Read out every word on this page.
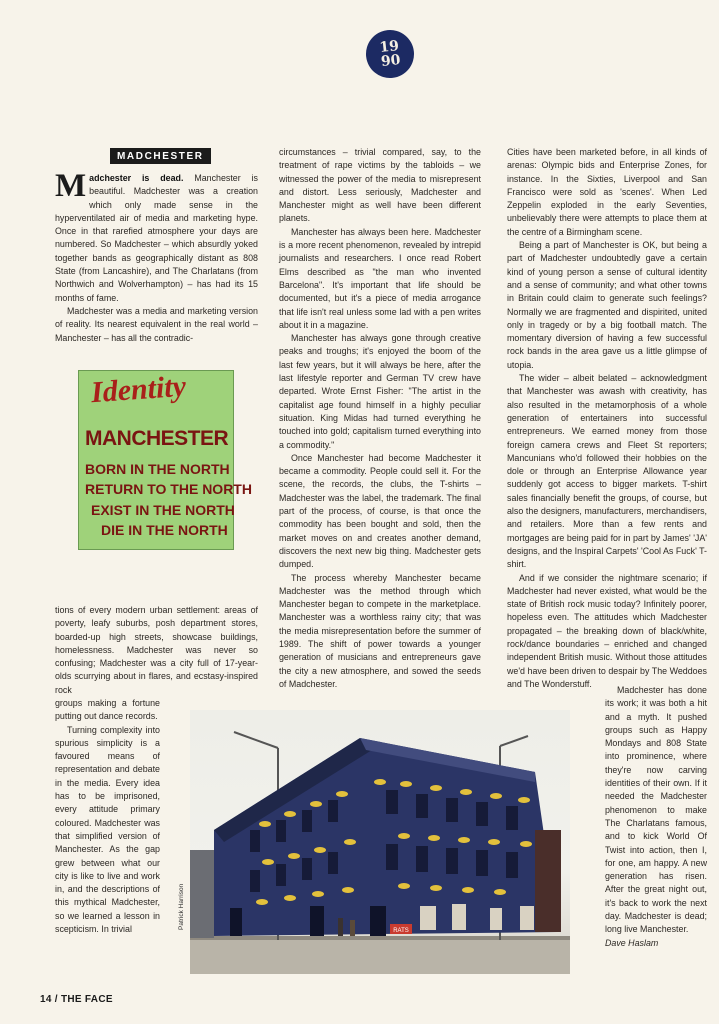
19
90
MADCHESTER

Madchester is dead. Manchester is beautiful. Madchester was a creation which only made sense in the hyperventilated air of media and marketing hype. Once in that rarefied atmosphere your days are numbered. So Madchester – which absurdly yoked together bands as geographically distant as 808 State (from Lancashire), and The Charlatans (from Northwich and Wolverhampton) – has had its 15 months of fame.

Madchester was a media and marketing version of reality. Its nearest equivalent in the real world – Manchester – has all the contradic-

Identity
MANCHESTER
BORN IN THE NORTH
RETURN TO THE NORTH
EXIST IN THE NORTH
DIE IN THE NORTH

tions of every modern urban settlement: areas of poverty, leafy suburbs, posh department stores, boarded-up high streets, showcase buildings, homelessness. Madchester was never so confusing; Madchester was a city full of 17-year-olds scurrying about in flares, and ecstasy-inspired rock

groups making a fortune putting out dance records.

Turning complexity into spurious simplicity is a favoured means of representation and debate in the media. Every idea has to be imprisoned, every attitude primary coloured. Madchester was that simplified version of Manchester. As the gap grew between what our city is like to live and work in, and the descriptions of this mythical Madchester, so we learned a lesson in scepticism. In trivial

circumstances – trivial compared, say, to the treatment of rape victims by the tabloids – we witnessed the power of the media to misrepresent and distort. Less seriously, Madchester and Manchester might as well have been different planets.

Manchester has always been here. Madchester is a more recent phenomenon, revealed by intrepid journalists and researchers. I once read Robert Elms described as "the man who invented Barcelona". It's important that life should be documented, but it's a piece of media arrogance that life isn't real unless some lad with a pen writes about it in a magazine.

Manchester has always gone through creative peaks and troughs; it's enjoyed the boom of the last few years, but it will always be here, after the last lifestyle reporter and German TV crew have departed. Wrote Ernst Fisher: "The artist in the capitalist age found himself in a highly peculiar situation. King Midas had turned everything he touched into gold; capitalism turned everything into a commodity."

Once Manchester had become Madchester it became a commodity. People could sell it. For the scene, the records, the clubs, the T-shirts – Madchester was the label, the trademark. The final part of the process, of course, is that once the commodity has been bought and sold, then the market moves on and creates another demand, discovers the next new big thing. Madchester gets dumped.

The process whereby Manchester became Madchester was the method through which Manchester began to compete in the marketplace. Manchester was a worthless rainy city; that was the media misrepresentation before the summer of 1989. The shift of power towards a younger generation of musicians and entrepreneurs gave the city a new atmosphere, and sowed the seeds of Madchester.

Cities have been marketed before, in all kinds of arenas: Olympic bids and Enterprise Zones, for instance. In the Sixties, Liverpool and San Francisco were sold as 'scenes'. When Led Zeppelin exploded in the early Seventies, unbelievably there were attempts to place them at the centre of a Birmingham scene.

Being a part of Manchester is OK, but being a part of Madchester undoubtedly gave a certain kind of young person a sense of cultural identity and a sense of community; and what other towns in Britain could claim to generate such feelings? Normally we are fragmented and dispirited, united only in tragedy or by a big football match. The momentary diversion of having a few successful rock bands in the area gave us a little glimpse of utopia.

The wider – albeit belated – acknowledgment that Manchester was awash with creativity, has also resulted in the metamorphosis of a whole generation of entertainers into successful entrepreneurs. We earned money from those foreign camera crews and Fleet St reporters; Mancunians who'd followed their hobbies on the dole or through an Enterprise Allowance year suddenly got access to bigger markets. T-shirt sales financially benefit the groups, of course, but also the designers, manufacturers, merchandisers, and retailers. More than a few rents and mortgages are being paid for in part by James' 'JA' designs, and the Inspiral Carpets' 'Cool As Fuck' T-shirt.

And if we consider the nightmare scenario; if Madchester had never existed, what would be the state of British rock music today? Infinitely poorer, hopeless even. The attitudes which Madchester propagated – the breaking down of black/white, rock/dance boundaries – enriched and changed independent British music. Without those attitudes we'd have been driven to despair by The Weddoes and The Wonderstuff.

Madchester has done its work; it was both a hit and a myth. It pushed groups such as Happy Mondays and 808 State into prominence, where they're now carving identities of their own. If it needed the Madchester phenomenon to make The Charlatans famous, and to kick World Of Twist into action, then I, for one, am happy. A new generation has risen. After the great night out, it's back to work the next day. Madchester is dead; long live Manchester.

Dave Haslam

RATS
Patrick Harrison
14 / THE FACE
